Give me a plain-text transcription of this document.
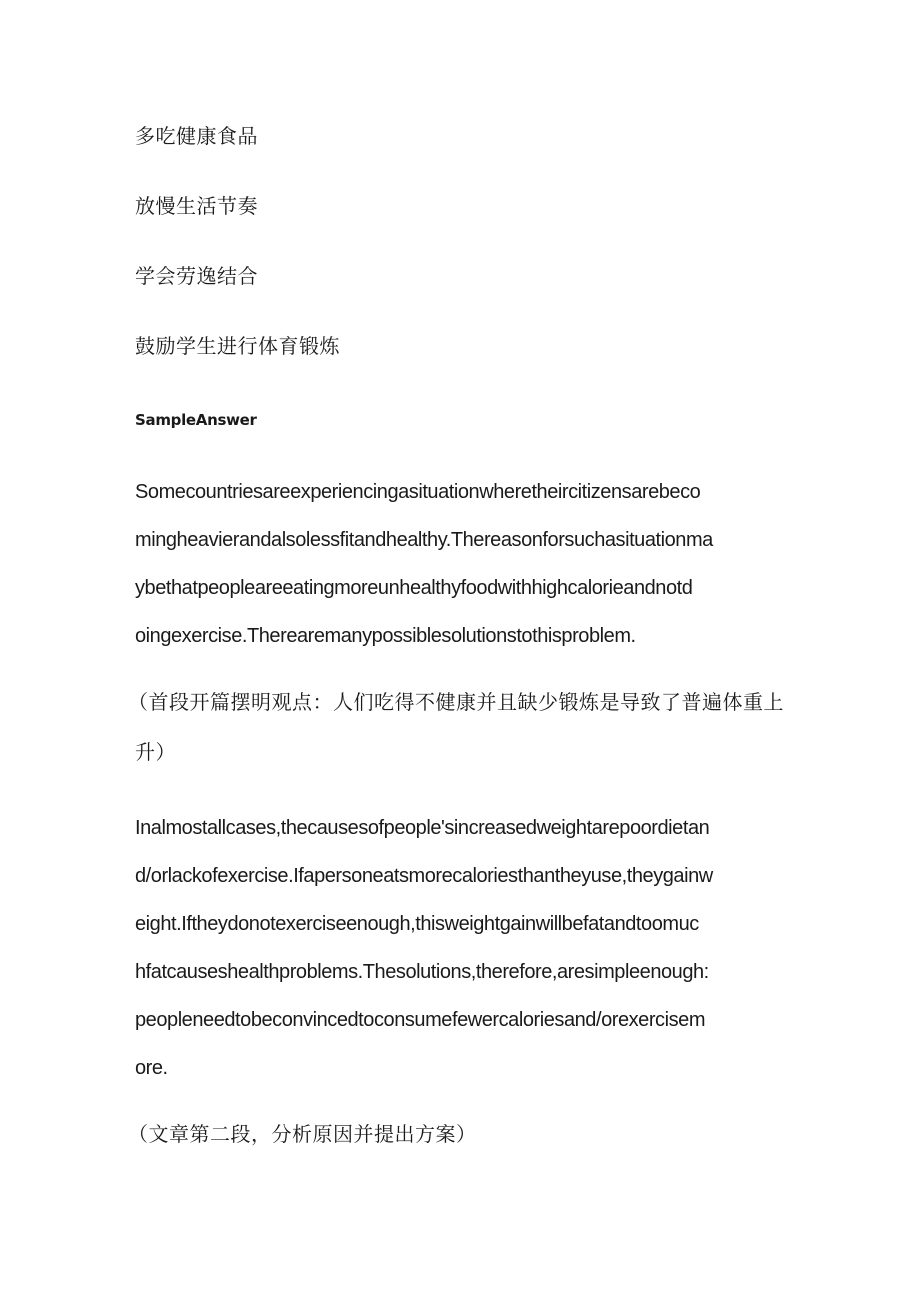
多吃健康食品
放慢生活节奏
学会劳逸结合
鼓励学生进行体育锻炼
SampleAnswer
Somecountriesareexperiencingasituationwheretheircitizensarebeco
mingheavierandalsolessfitandhealthy.Thereasonforsuchasituationma
ybethatpeopleareeatingmoreunhealthyfoodwithhighcalorieandnotd
oingexercise.Therearemanypossiblesolutionstothisproblem.
（首段开篇摆明观点：人们吃得不健康并且缺少锻炼是导致了普遍体重上
升）
Inalmostallcases,thecausesofpeople'sincreasedweightarepoordietan
d/orlackofexercise.Ifapersoneatsmorecaloriesthantheyuse,theygainw
eight.Iftheydonotexerciseenough,thisweightgainwillbefatandtoomuc
hfatcauseshealthproblems.Thesolutions,therefore,aresimpleenough:
peopleneedtobeconvincedtoconsumefewercaloriesand/orexercisem
ore.
（文章第二段，分析原因并提出方案）
